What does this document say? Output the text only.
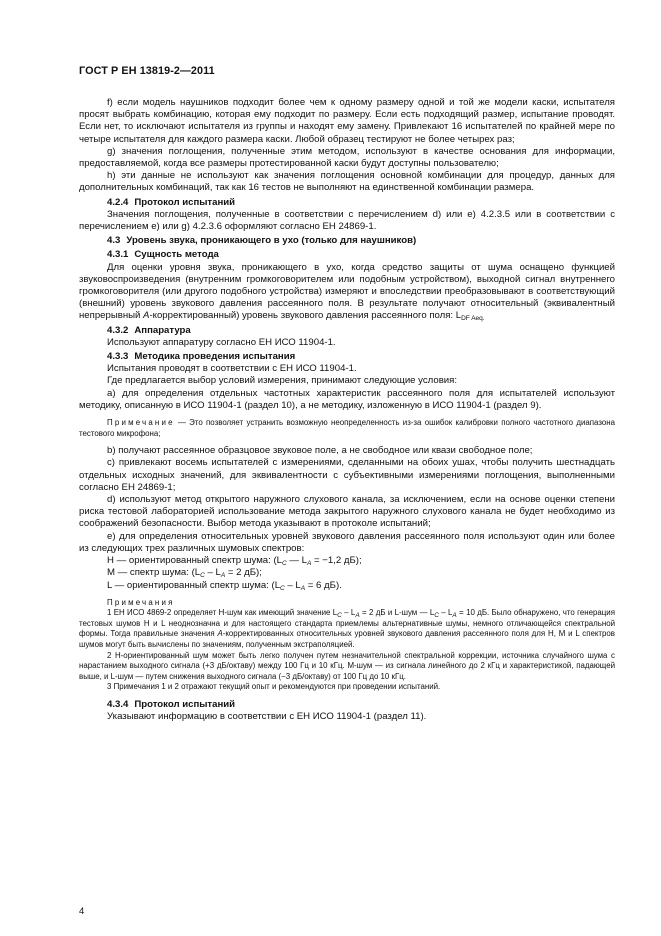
ГОСТ Р ЕН 13819-2—2011

f) если модель наушников подходит более чем к одному размеру одной и той же модели каски, испытателя просят выбрать комбинацию, которая ему подходит по размеру. Если есть подходящий размер, испытание проводят. Если нет, то исключают испытателя из группы и находят ему замену. Привлекают 16 испытателей по крайней мере по четыре испытателя для каждого размера каски. Любой образец тестируют не более четырех раз;

g) значения поглощения, полученные этим методом, используют в качестве основания для информации, предоставляемой, когда все размеры протестированной каски будут доступны пользователю;

h) эти данные не используют как значения поглощения основной комбинации для процедур, данных для дополнительных комбинаций, так как 16 тестов не выполняют на единственной комбинации размера.

4.2.4 Протокол испытаний

Значения поглощения, полученные в соответствии с перечислением d) или е) 4.2.3.5 или в соответствии с перечислением е) или g) 4.2.3.6 оформляют согласно ЕН 24869-1.

4.3 Уровень звука, проникающего в ухо (только для наушников)

4.3.1 Сущность метода

Для оценки уровня звука, проникающего в ухо, когда средство защиты от шума оснащено функцией звуковоспроизведения (внутренним громкоговорителем или подобным устройством), выходной сигнал внутреннего громкоговорителя (или другого подобного устройства) измеряют и впоследствии преобразовывают в соответствующий (внешний) уровень звукового давления рассеянного поля. В результате получают относительный (эквивалентный непрерывный А-корректированный) уровень звукового давления рассеянного поля: $L_{DF Aeq.}$

4.3.2 Аппаратура

Используют аппаратуру согласно ЕН ИСО 11904-1.

4.3.3 Методика проведения испытания

Испытания проводят в соответствии с ЕН ИСО 11904-1.

Где предлагается выбор условий измерения, принимают следующие условия:

а) для определения отдельных частотных характеристик рассеянного поля для испытателей используют методику, описанную в ИСО 11904-1 (раздел 10), а не методику, изложенную в ИСО 11904-1 (раздел 9).

Примечание — Это позволяет устранить возможную неопределенность из-за ошибок калибровки полного частотного диапазона тестового микрофона;

b) получают рассеянное образцовое звуковое поле, а не свободное или квази свободное поле;

с) привлекают восемь испытателей с измерениями, сделанными на обоих ушах, чтобы получить шестнадцать отдельных исходных значений, для эквивалентности с субъективными измерениями поглощения, выполненными согласно ЕН 24869-1;

d) используют метод открытого наружного слухового канала, за исключением, если на основе оценки степени риска тестовой лабораторией использование метода закрытого наружного слухового канала не будет необходимо из соображений безопасности. Выбор метода указывают в протоколе испытаний;

е) для определения относительных уровней звукового давления рассеянного поля используют один или более из следующих трех различных шумовых спектров:

Н — ориентированный спектр шума: ($L_C$ — $L_A = -1,2$ дБ);

М — спектр шума: ($L_C - L_A = 2$ дБ);

L — ориентированный спектр шума: ($L_C - L_A = 6$ дБ).

Примечания

1 ЕН ИСО 4869-2 определяет Н-шум как имеющий значение $L_C - L_A = 2$ дБ и L-шум — $L_C - L_A = 10$ дБ. Было обнаружено, что генерация тестовых шумов Н и L неоднозначна и для настоящего стандарта приемлемы альтернативные шумы, немного отличающейся спектральной формы. Тогда правильные значения А-корректированных относительных уровней звукового давления рассеянного поля для Н, М и L спектров шумов могут быть вычислены по значениям, полученным экстраполяцией.

2 Н-ориентированный шум может быть легко получен путем незначительной спектральной коррекции, источника случайного шума с нарастанием выходного сигнала (+3 дБ/октаву) между 100 Гц и 10 кГц. М-шум — из сигнала линейного до 2 кГц и характеристикой, падающей выше, и L-шум — путем снижения выходного сигнала (−3 дБ/октаву) от 100 Гц до 10 кГц.

3 Примечания 1 и 2 отражают текущий опыт и рекомендуются при проведении испытаний.

4.3.4 Протокол испытаний

Указывают информацию в соответствии с ЕН ИСО 11904-1 (раздел 11).

4
